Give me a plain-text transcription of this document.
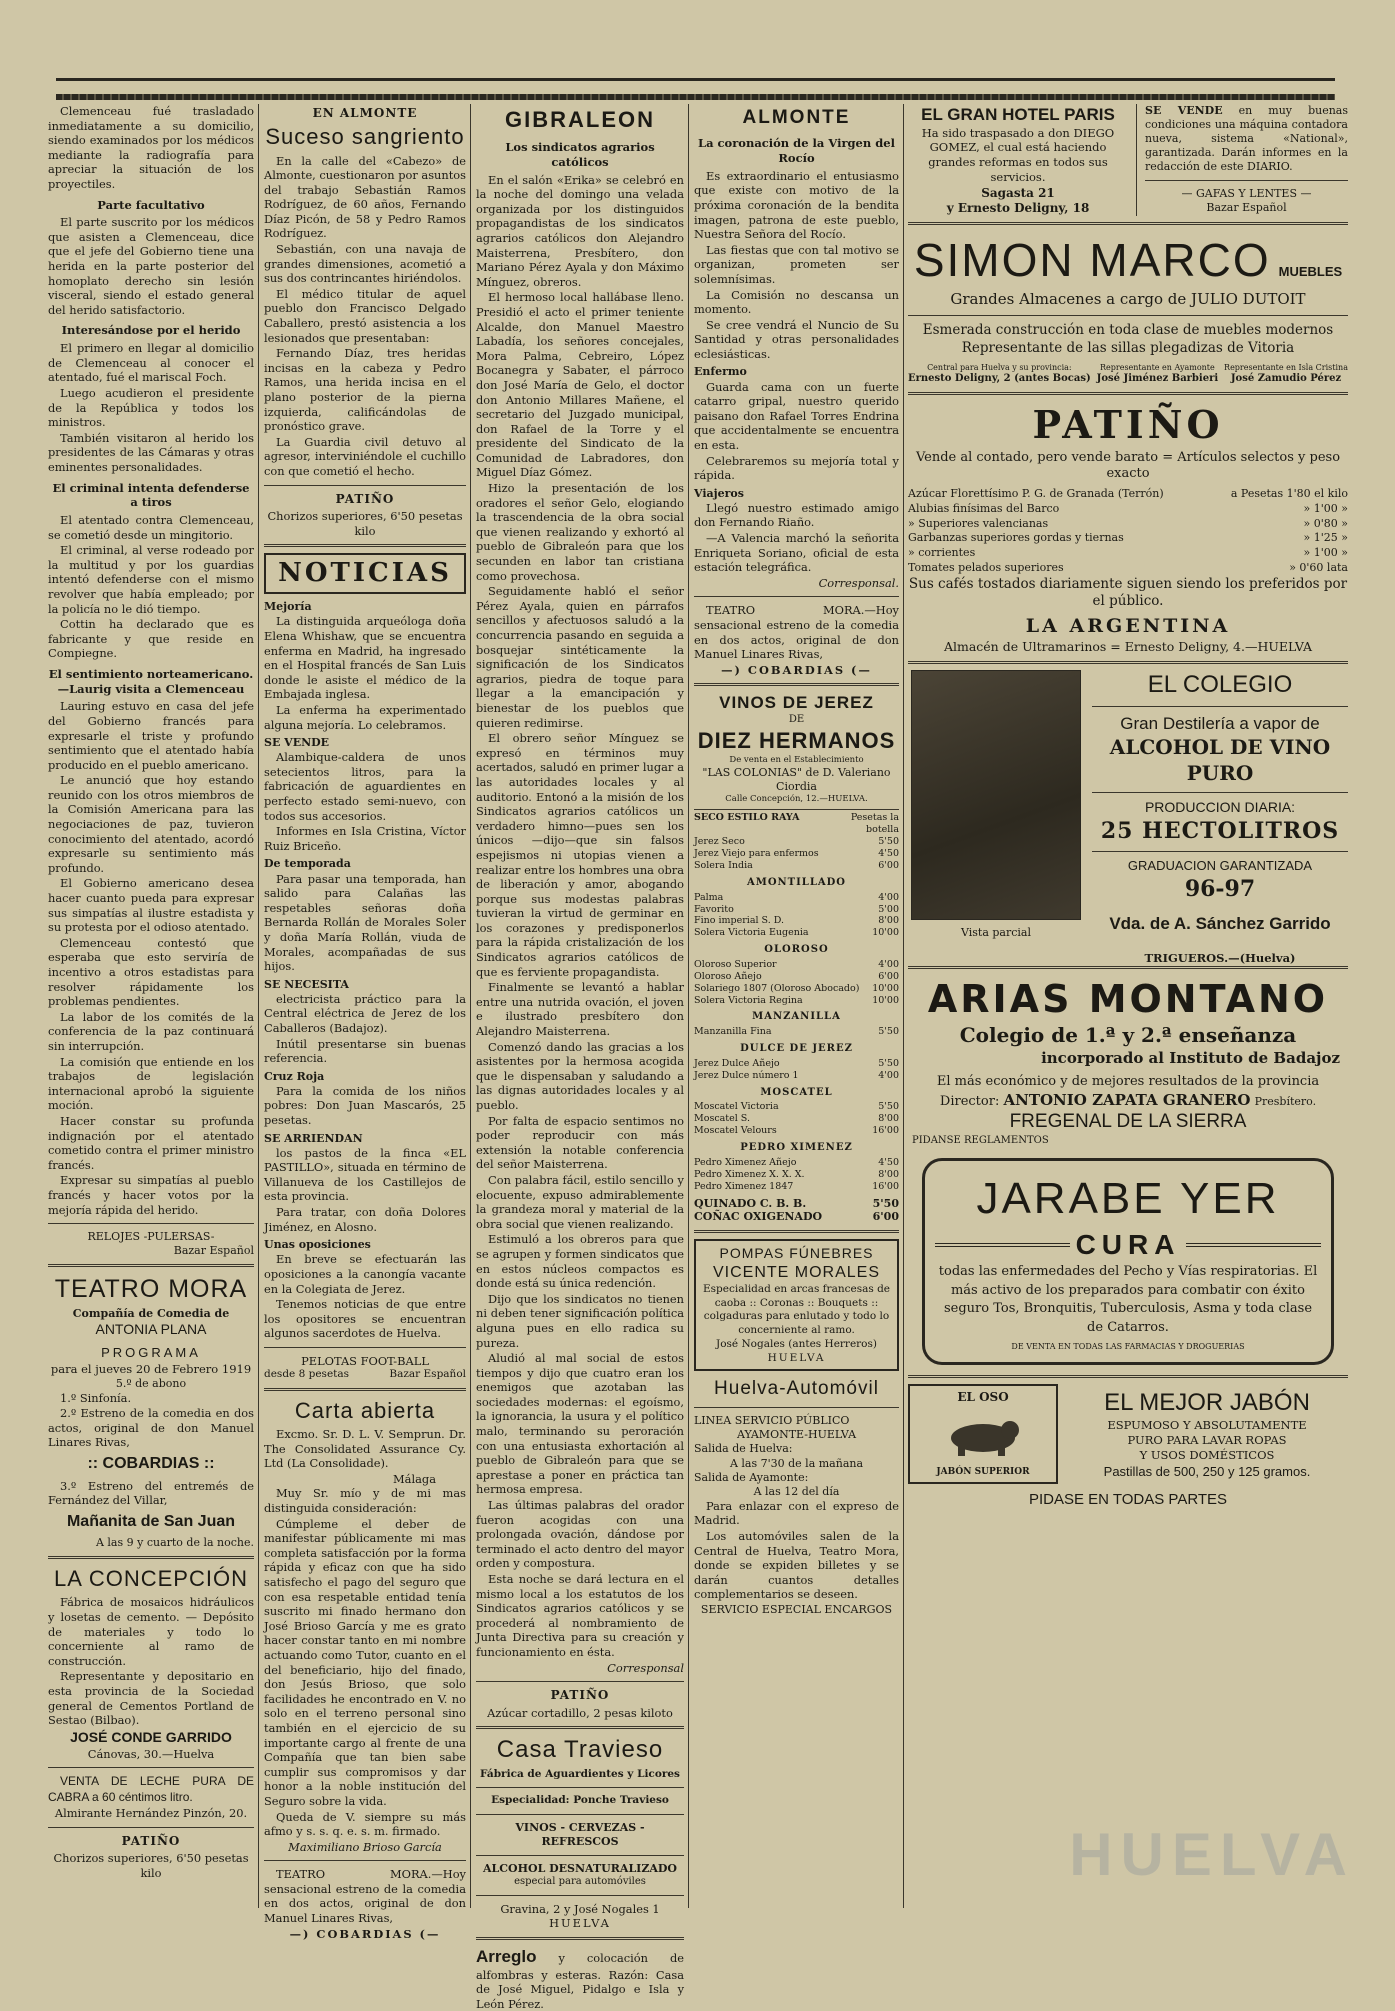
Clemenceau fué trasladado inmediatamente a su domicilio, siendo examinados por los médicos mediante la radiografía para apreciar la situación de los proyectiles.

Parte facultativo

El parte suscrito por los médicos que asisten a Clemenceau, dice que el jefe del Gobierno tiene una herida en la parte posterior del homoplato derecho sin lesión visceral, siendo el estado general del herido satisfactorio.

Interesándose por el herido

El primero en llegar al domicilio de Clemenceau al conocer el atentado, fué el mariscal Foch.

Luego acudieron el presidente de la República y todos los ministros.

También visitaron al herido los presidentes de las Cámaras y otras eminentes personalidades.

El criminal intenta defenderse a tiros

El atentado contra Clemenceau, se cometió desde un mingitorio.

El criminal, al verse rodeado por la multitud y por los guardias intentó defenderse con el mismo revolver que había empleado; por la policía no le dió tiempo.

Cottin ha declarado que es fabricante y que reside en Compiegne.

El sentimiento norteamericano. —Laurig visita a Clemenceau

Lauring estuvo en casa del jefe del Gobierno francés para expresarle el triste y profundo sentimiento que el atentado había producido en el pueblo americano.

Le anunció que hoy estando reunido con los otros miembros de la Comisión Americana para las negociaciones de paz, tuvieron conocimiento del atentado, acordó expresarle su sentimiento más profundo.

El Gobierno americano desea hacer cuanto pueda para expresar sus simpatías al ilustre estadista y su protesta por el odioso atentado.

Clemenceau contestó que esperaba que esto serviría de incentivo a otros estadistas para resolver rápidamente los problemas pendientes.

La labor de los comités de la conferencia de la paz continuará sin interrupción.

La comisión que entiende en los trabajos de legislación internacional aprobó la siguiente moción.

Hacer constar su profunda indignación por el atentado cometido contra el primer ministro francés.

Expresar su simpatías al pueblo francés y hacer votos por la mejoría rápida del herido.

RELOJES -PULERSAS-
Bazar Español
TEATRO MORA
Compañía de Comedia de
ANTONIA PLANA
PROGRAMA
para el jueves 20 de Febrero 1919
5.º de abono

1.º Sinfonía.

2.º Estreno de la comedia en dos actos, original de don Manuel Linares Rivas,

:: COBARDIAS ::

3.º Estreno del entremés de Fernández del Villar,

Mañanita de San Juan
A las 9 y cuarto de la noche.
LA CONCEPCIÓN

Fábrica de mosaicos hidráulicos y losetas de cemento. — Depósito de materiales y todo lo concerniente al ramo de construcción.

Representante y depositario en esta provincia de la Sociedad general de Cementos Portland de Sestao (Bilbao).

JOSÉ CONDE GARRIDO
Cánovas, 30.—Huelva

VENTA DE LECHE PURA DE CABRA a 60 céntimos litro.

Almirante Hernández Pinzón, 20.
PATIÑO
Chorizos superiores, 6'50 pesetas kilo
EN ALMONTE
Suceso sangriento

En la calle del «Cabezo» de Almonte, cuestionaron por asuntos del trabajo Sebastián Ramos Rodríguez, de 60 años, Fernando Díaz Picón, de 58 y Pedro Ramos Rodríguez.

Sebastián, con una navaja de grandes dimensiones, acometió a sus dos contrincantes hiriéndolos.

El médico titular de aquel pueblo don Francisco Delgado Caballero, prestó asistencia a los lesionados que presentaban:

Fernando Díaz, tres heridas incisas en la cabeza y Pedro Ramos, una herida incisa en el plano posterior de la pierna izquierda, calificándolas de pronóstico grave.

La Guardia civil detuvo al agresor, interviniéndole el cuchillo con que cometió el hecho.

PATIÑO
Chorizos superiores, 6'50 pesetas kilo
NOTICIAS
Mejoría

La distinguida arqueóloga doña Elena Whishaw, que se encuentra enferma en Madrid, ha ingresado en el Hospital francés de San Luis donde le asiste el médico de la Embajada inglesa.

La enferma ha experimentado alguna mejoría. Lo celebramos.

SE VENDE

Alambique-caldera de unos setecientos litros, para la fabricación de aguardientes en perfecto estado semi-nuevo, con todos sus accesorios.

Informes en Isla Cristina, Víctor Ruiz Briceño.

De temporada

Para pasar una temporada, han salido para Calañas las respetables señoras doña Bernarda Rollán de Morales Soler y doña María Rollán, viuda de Morales, acompañadas de sus hijos.

SE NECESITA

electricista práctico para la Central eléctrica de Jerez de los Caballeros (Badajoz).

Inútil presentarse sin buenas referencia.

Cruz Roja

Para la comida de los niños pobres: Don Juan Mascarós, 25 pesetas.

SE ARRIENDAN

los pastos de la finca «EL PASTILLO», situada en término de Villanueva de los Castillejos de esta provincia.

Para tratar, con doña Dolores Jiménez, en Alosno.

Unas oposiciones

En breve se efectuarán las oposiciones a la canongía vacante en la Colegiata de Jerez.

Tenemos noticias de que entre los opositores se encuentran algunos sacerdotes de Huelva.

PELOTAS FOOT-BALL
desde 8 pesetas	Bazar Español
Carta abierta

Excmo. Sr. D. L. V. Semprun. Dr. The Consolidated Assurance Cy. Ltd (La Consolidade).

Málaga

Muy Sr. mío y de mi mas distinguida consideración:

Cúmpleme el deber de manifestar públicamente mi mas completa satisfacción por la forma rápida y eficaz con que ha sido satisfecho el pago del seguro que con esa respetable entidad tenía suscrito mi finado hermano don José Brioso García y me es grato hacer constar tanto en mi nombre actuando como Tutor, cuanto en el del beneficiario, hijo del finado, don Jesús Brioso, que solo facilidades he encontrado en V. no solo en el terreno personal sino también en el ejercicio de su importante cargo al frente de una Compañía que tan bien sabe cumplir sus compromisos y dar honor a la noble institución del Seguro sobre la vida.

Queda de V. siempre su más afmo y s. s. q. e. s. m. firmado.

Maximiliano Brioso García

TEATRO MORA.—Hoy sensacional estreno de la comedia en dos actos, original de don Manuel Linares Rivas,

—) COBARDIAS (—
GIBRALEON
Los sindicatos agrarios católicos

En el salón «Erika» se celebró en la noche del domingo una velada organizada por los distinguidos propagandistas de los sindicatos agrarios católicos don Alejandro Maisterrena, Presbítero, don Mariano Pérez Ayala y don Máximo Mínguez, obreros.

El hermoso local hallábase lleno. Presidió el acto el primer teniente Alcalde, don Manuel Maestro Labadía, los señores concejales, Mora Palma, Cebreiro, López Bocanegra y Sabater, el párroco don José María de Gelo, el doctor don Antonio Millares Mañene, el secretario del Juzgado municipal, don Rafael de la Torre y el presidente del Sindicato de la Comunidad de Labradores, don Miguel Díaz Gómez.

Hizo la presentación de los oradores el señor Gelo, elogiando la trascendencia de la obra social que vienen realizando y exhortó al pueblo de Gibraleón para que los secunden en labor tan cristiana como provechosa.

Seguidamente habló el señor Pérez Ayala, quien en párrafos sencillos y afectuosos saludó a la concurrencia pasando en seguida a bosquejar sintéticamente la significación de los Sindicatos agrarios, piedra de toque para llegar a la emancipación y bienestar de los pueblos que quieren redimirse.

El obrero señor Mínguez se expresó en términos muy acertados, saludó en primer lugar a las autoridades locales y al auditorio. Entonó a la misión de los Sindicatos agrarios católicos un verdadero himno—pues sen los únicos —dijo—que sin falsos espejismos ni utopias vienen a realizar entre los hombres una obra de liberación y amor, abogando porque sus modestas palabras tuvieran la virtud de germinar en los corazones y predisponerlos para la rápida cristalización de los Sindicatos agrarios católicos de que es ferviente propagandista.

Finalmente se levantó a hablar entre una nutrida ovación, el joven e ilustrado presbítero don Alejandro Maisterrena.

Comenzó dando las gracias a los asistentes por la hermosa acogida que le dispensaban y saludando a las dignas autoridades locales y al pueblo.

Por falta de espacio sentimos no poder reproducir con más extensión la notable conferencia del señor Maisterrena.

Con palabra fácil, estilo sencillo y elocuente, expuso admirablemente la grandeza moral y material de la obra social que vienen realizando.

Estimuló a los obreros para que se agrupen y formen sindicatos que en estos núcleos compactos es donde está su única redención.

Dijo que los sindicatos no tienen ni deben tener significación política alguna pues en ello radica su pureza.

Aludió al mal social de estos tiempos y dijo que cuatro eran los enemigos que azotaban las sociedades modernas: el egoísmo, la ignorancia, la usura y el político malo, terminando su peroración con una entusiasta exhortación al pueblo de Gibraleón para que se aprestase a poner en práctica tan hermosa empresa.

Las últimas palabras del orador fueron acogidas con una prolongada ovación, dándose por terminado el acto dentro del mayor orden y compostura.

Esta noche se dará lectura en el mismo local a los estatutos de los Sindicatos agrarios católicos y se procederá al nombramiento de Junta Directiva para su creación y funcionamiento en ésta.

Corresponsal
PATIÑO
Azúcar cortadillo, 2 pesas kiloto
Casa Travieso
Fábrica de Aguardientes y Licores
Especialidad: Ponche Travieso
VINOS - CERVEZAS - REFRESCOS
ALCOHOL DESNATURALIZADO
especial para automóviles
Gravina, 2 y José Nogales 1
HUELVA

Arreglo y colocación de alfombras y esteras. Razón: Casa de José Miguel, Pidalgo e Isla y León Pérez.

ALMONTE
La coronación de la Virgen del Rocío

Es extraordinario el entusiasmo que existe con motivo de la próxima coronación de la bendita imagen, patrona de este pueblo, Nuestra Señora del Rocío.

Las fiestas que con tal motivo se organizan, prometen ser solemnísimas.

La Comisión no descansa un momento.

Se cree vendrá el Nuncio de Su Santidad y otras personalidades eclesiásticas.

Enfermo

Guarda cama con un fuerte catarro gripal, nuestro querido paisano don Rafael Torres Endrina que accidentalmente se encuentra en esta.

Celebraremos su mejoría total y rápida.

Viajeros

Llegó nuestro estimado amigo don Fernando Riaño.

—A Valencia marchó la señorita Enriqueta Soriano, oficial de esta estación telegráfica.

Corresponsal.

TEATRO MORA.—Hoy sensacional estreno de la comedia en dos actos, original de don Manuel Linares Rivas,

—) COBARDIAS (—
VINOS DE JEREZ
DE
DIEZ HERMANOS
De venta en el Establecimiento
"LAS COLONIAS" de D. Valeriano Ciordia
Calle Concepción, 12.—HUELVA.
SECO ESTILO RAYA	Pesetas la botella
Jerez Seco	5'50
Jerez Viejo para enfermos	4'50
Solera India	6'00
AMONTILLADO
Palma	4'00
Favorito	5'00
Fino imperial S. D.	8'00
Solera Victoria Eugenia	10'00
OLOROSO
Oloroso Superior	4'00
Oloroso Añejo	6'00
Solariego 1807 (Oloroso Abocado) 10'00
Solera Victoria Regina	10'00
MANZANILLA
Manzanilla Fina	5'50
DULCE DE JEREZ
Jerez Dulce Añejo	5'50
Jerez Dulce número 1	4'00
MOSCATEL
Moscatel Victoria	5'50
Moscatel S.	8'00
Moscatel Velours	16'00
PEDRO XIMENEZ
Pedro Ximenez Añejo	4'50
Pedro Ximenez X. X. X.	8'00
Pedro Ximenez 1847	16'00
QUINADO C. B. B.	5'50
COÑAC OXIGENADO	6'00
POMPAS FÚNEBRES
VICENTE MORALES

Especialidad en arcas francesas de caoba :: Coronas :: Bouquets :: colgaduras para enlutado y todo lo concerniente al ramo.

José Nogales (antes Herreros)
HUELVA
Huelva-Automóvil
LINEA SERVICIO PÚBLICO
AYAMONTE-HUELVA
Salida de Huelva:
A las 7'30 de la mañana
Salida de Ayamonte:
A las 12 del día

Para enlazar con el expreso de Madrid.

Los automóviles salen de la Central de Huelva, Teatro Mora, donde se expiden billetes y se darán cuantos detalles complementarios se deseen.

SERVICIO ESPECIAL ENCARGOS
EL GRAN HOTEL PARIS

Ha sido traspasado a don DIEGO GOMEZ, el cual está haciendo grandes reformas en todos sus servicios.

Sagasta 21
y Ernesto Deligny, 18

SE VENDE en muy buenas condiciones una máquina contadora nueva, sistema «National», garantizada. Darán informes en la redacción de este DIARIO.

— GAFAS Y LENTES —
Bazar Español
SIMON MARCO MUEBLES
Grandes Almacenes a cargo de JULIO DUTOIT
Esmerada construcción en toda clase de muebles modernos
Representante de las sillas plegadizas de Vitoria
Central para Huelva y su provincia:
Ernesto Deligny, 2 (antes Bocas)
Representante en Ayamonte
José Jiménez Barbieri
Representante en Isla Cristina
José Zamudio Pérez
PATIÑO
Vende al contado, pero vende barato = Artículos selectos y peso exacto
Azúcar Florettísimo P. G. de Granada (Terrón)	a Pesetas 1'80 el kilo
Alubias finísimas del Barco	» 1'00 »
» Superiores valencianas	» 0'80 »
Garbanzas superiores gordas y tiernas	» 1'25 »
» corrientes	» 1'00 »
Tomates pelados superiores	» 0'60 lata
Sus cafés tostados diariamente siguen siendo los preferidos por el público.
LA ARGENTINA
Almacén de Ultramarinos = Ernesto Deligny, 4.—HUELVA
Vista parcial
EL COLEGIO
Gran Destilería a vapor de
ALCOHOL DE VINO PURO
PRODUCCION DIARIA:
25 HECTOLITROS
GRADUACION GARANTIZADA
96-97
Vda. de A. Sánchez Garrido
TRIGUEROS.—(Huelva)
ARIAS MONTANO
Colegio de 1.ª y 2.ª enseñanza
incorporado al Instituto de Badajoz
El más económico y de mejores resultados de la provincia
Director: ANTONIO ZAPATA GRANERO Presbítero.
FREGENAL DE LA SIERRA
PIDANSE REGLAMENTOS
JARABE YER
CURA

todas las enfermedades del Pecho y Vías respiratorias. El más activo de los preparados para combatir con éxito seguro Tos, Bronquitis, Tuberculosis, Asma y toda clase de Catarros.

DE VENTA EN TODAS LAS FARMACIAS Y DROGUERIAS
EL OSO
JABÓN SUPERIOR
EL MEJOR JABÓN
ESPUMOSO Y ABSOLUTAMENTE
PURO PARA LAVAR ROPAS
Y USOS DOMÉSTICOS
Pastillas de 500, 250 y 125 gramos.
PIDASE EN TODAS PARTES
HUELVA
